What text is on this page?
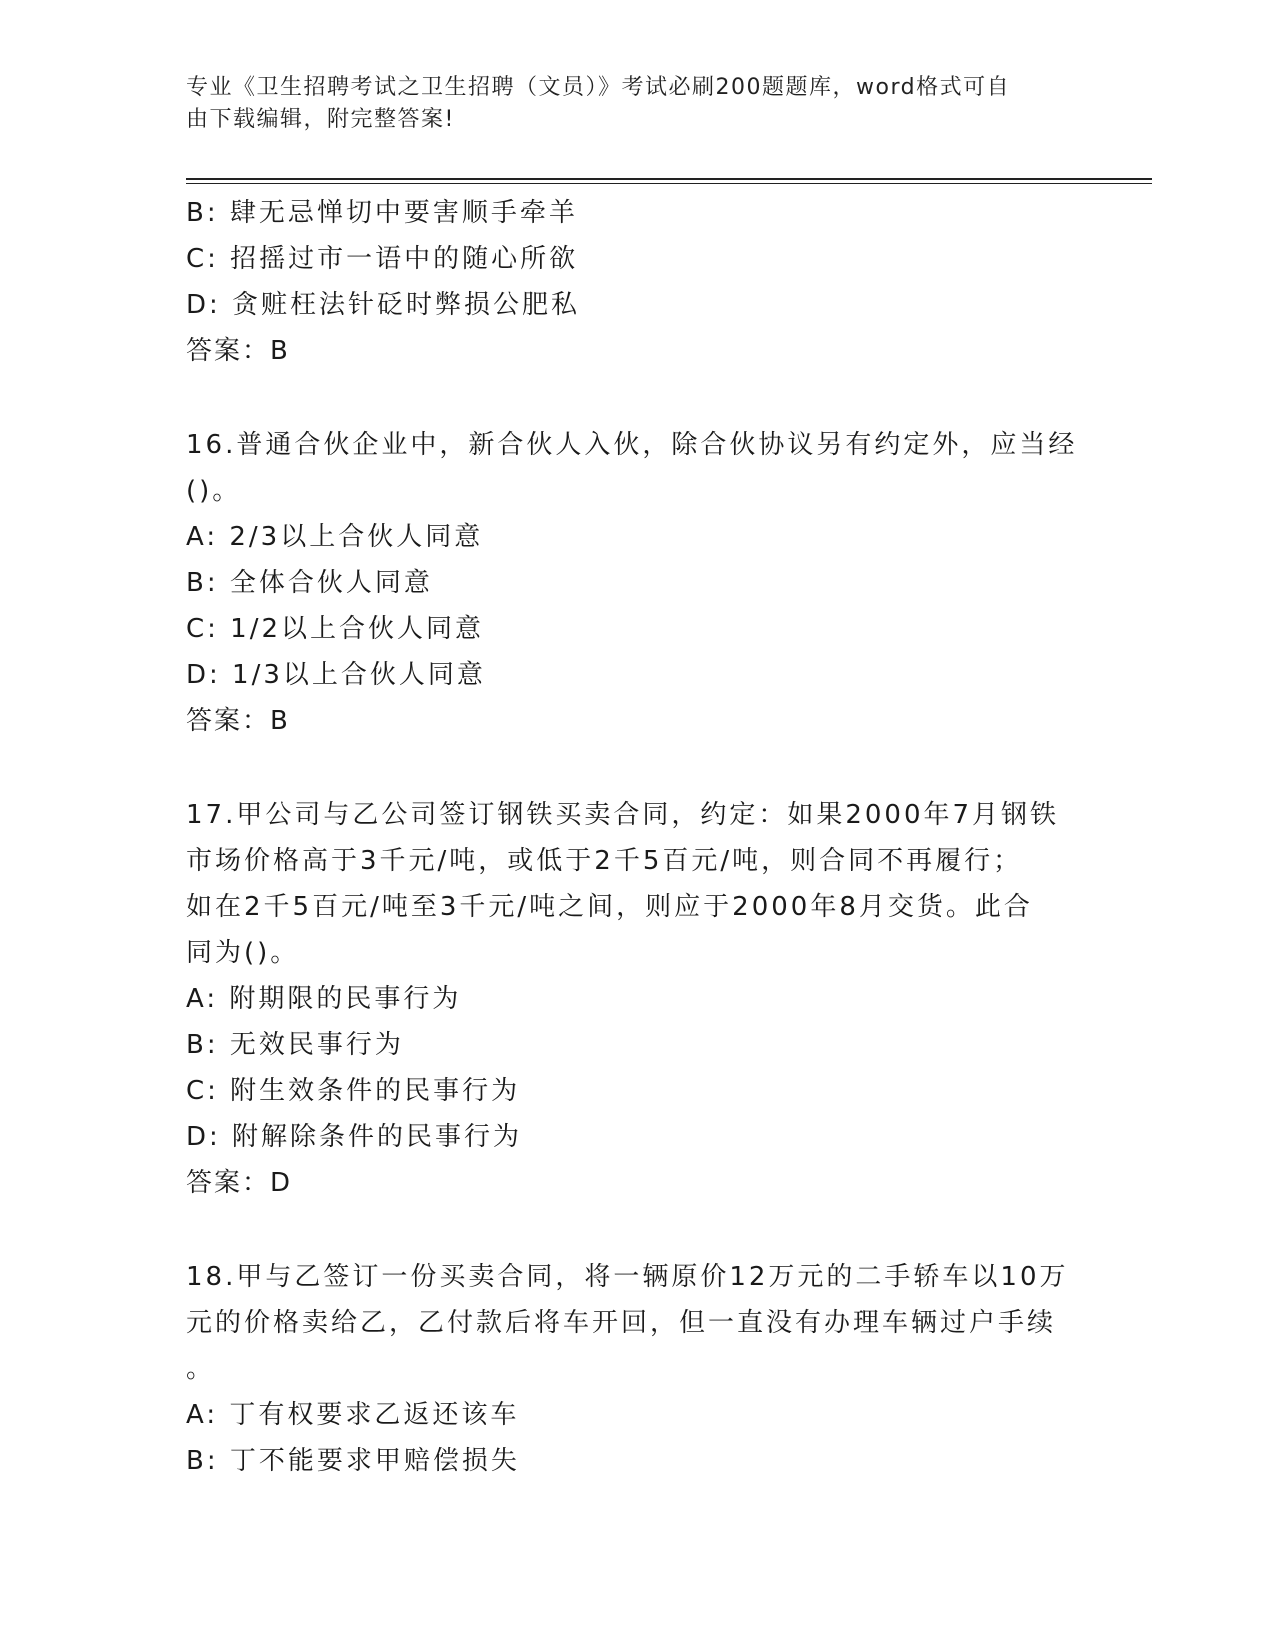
专业《卫生招聘考试之卫生招聘（文员）》考试必刷200题题库，word格式可自
由下载编辑，附完整答案!
B: 肆无忌惮切中要害顺手牵羊
C: 招摇过市一语中的随心所欲
D: 贪赃枉法针砭时弊损公肥私
答案：B
16.普通合伙企业中，新合伙人入伙，除合伙协议另有约定外，应当经
()。
A: 2/3以上合伙人同意
B: 全体合伙人同意
C: 1/2以上合伙人同意
D: 1/3以上合伙人同意
答案：B
17.甲公司与乙公司签订钢铁买卖合同，约定：如果2000年7月钢铁
市场价格高于3千元/吨，或低于2千5百元/吨，则合同不再履行；
如在2千5百元/吨至3千元/吨之间，则应于2000年8月交货。此合
同为()。
A: 附期限的民事行为
B: 无效民事行为
C: 附生效条件的民事行为
D: 附解除条件的民事行为
答案：D
18.甲与乙签订一份买卖合同，将一辆原价12万元的二手轿车以10万
元的价格卖给乙，乙付款后将车开回，但一直没有办理车辆过户手续
。
A: 丁有权要求乙返还该车
B: 丁不能要求甲赔偿损失
